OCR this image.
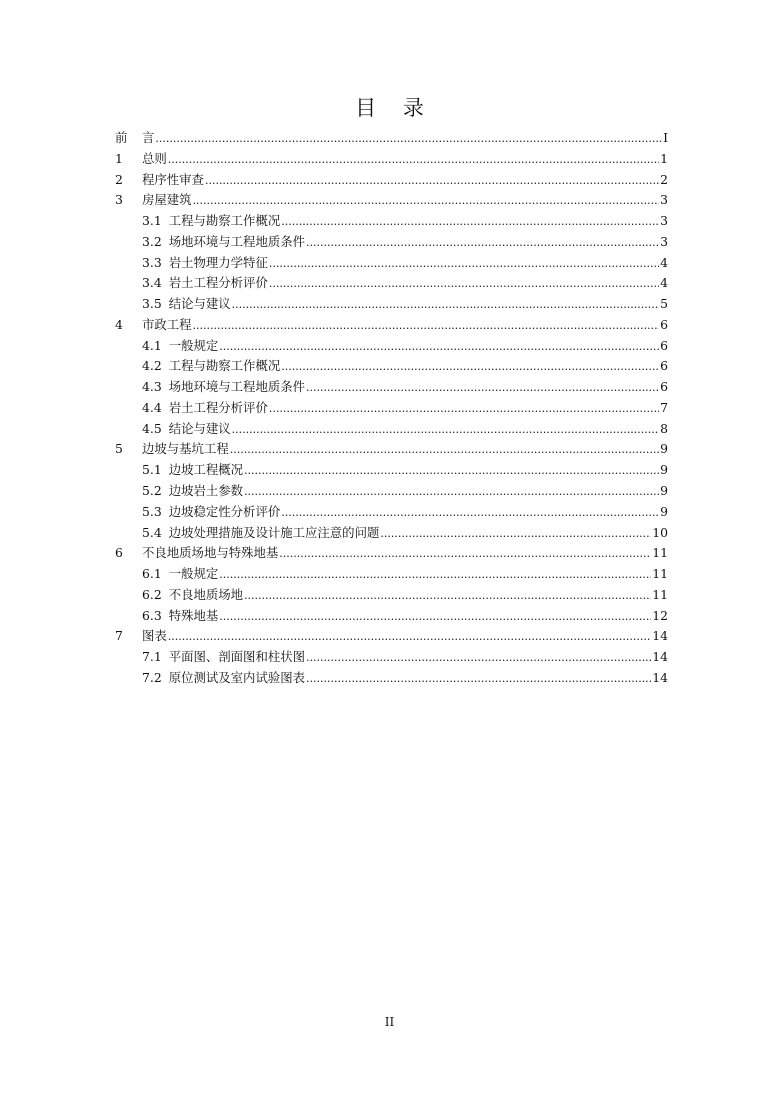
目 录
前	言 .....	I
1	总则 .....	1
2	程序性审查 .....	2
3	房屋建筑 .....	3
3.1 工程与勘察工作概况 .....	3
3.2 场地环境与工程地质条件 .....	3
3.3 岩土物理力学特征 .....	4
3.4 岩土工程分析评价 .....	4
3.5 结论与建议 .....	5
4	市政工程 .....	6
4.1 一般规定 .....	6
4.2 工程与勘察工作概况 .....	6
4.3 场地环境与工程地质条件 .....	6
4.4 岩土工程分析评价 .....	7
4.5 结论与建议 .....	8
5	边坡与基坑工程 .....	9
5.1 边坡工程概况 .....	9
5.2 边坡岩土参数 .....	9
5.3 边坡稳定性分析评价 .....	9
5.4 边坡处理措施及设计施工应注意的问题 .....	10
6	不良地质场地与特殊地基 .....	11
6.1 一般规定 .....	11
6.2 不良地质场地 .....	11
6.3 特殊地基 .....	12
7	图表 .....	14
7.1 平面图、剖面图和柱状图 .....	14
7.2 原位测试及室内试验图表 .....	14
II
